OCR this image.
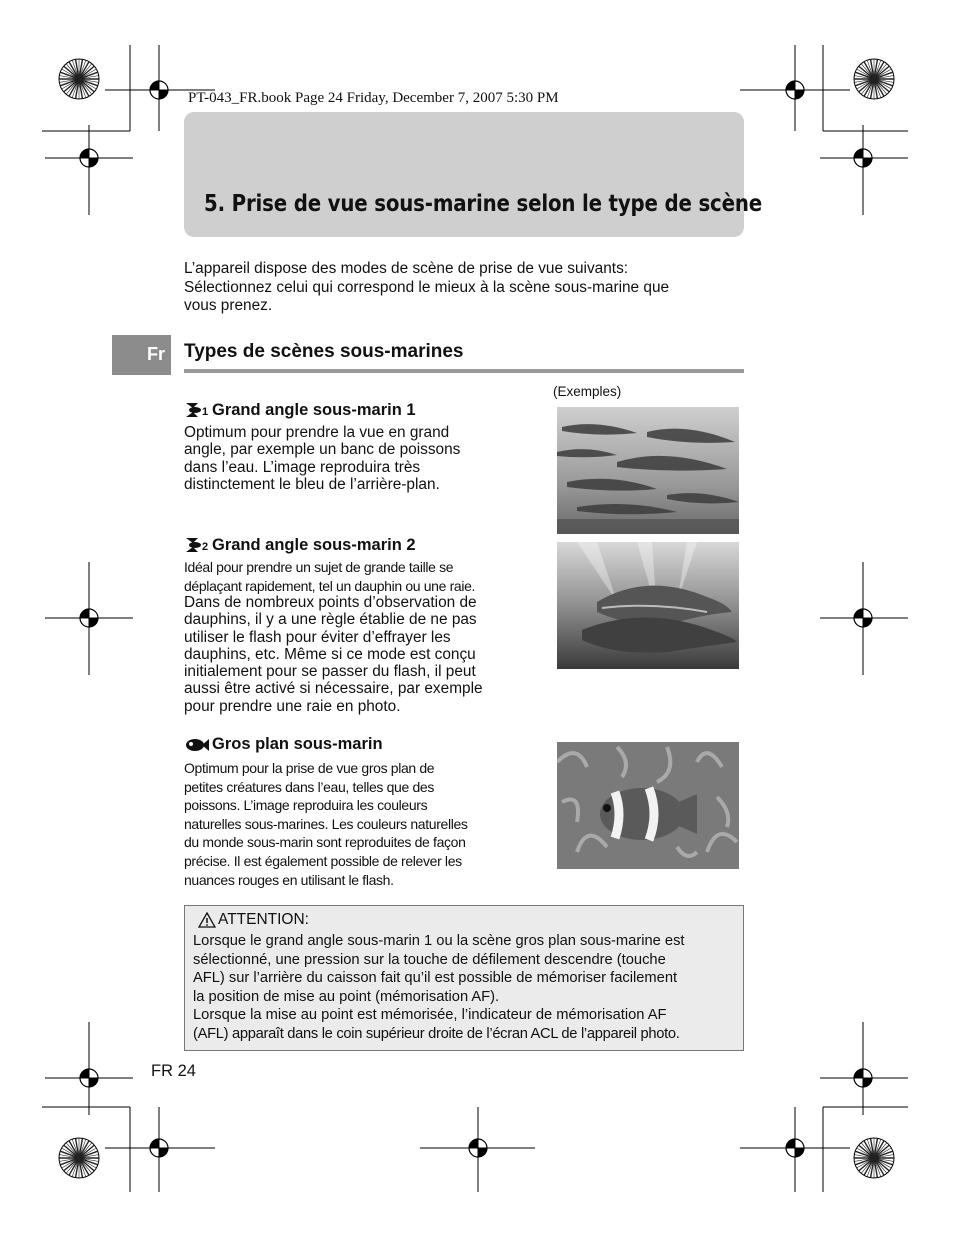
PT-043_FR.book Page 24 Friday, December 7, 2007 5:30 PM
5. Prise de vue sous-marine selon le type de scène
L’appareil dispose des modes de scène de prise de vue suivants:
Sélectionnez celui qui correspond le mieux à la scène sous-marine que
vous prenez.
Fr Types de scènes sous-marines
(Exemples)
1 Grand angle sous-marin 1
Optimum pour prendre la vue en grand
angle, par exemple un banc de poissons
dans l’eau. L’image reproduira très
distinctement le bleu de l’arrière-plan.
2 Grand angle sous-marin 2
Idéal pour prendre un sujet de grande taille se
déplaçant rapidement, tel un dauphin ou une raie.
Dans de nombreux points d’observation de
dauphins, il y a une règle établie de ne pas
utiliser le flash pour éviter d’effrayer les
dauphins, etc. Même si ce mode est conçu
initialement pour se passer du flash, il peut
aussi être activé si nécessaire, par exemple
pour prendre une raie en photo.
Gros plan sous-marin
Optimum pour la prise de vue gros plan de
petites créatures dans l’eau, telles que des
poissons. L’image reproduira les couleurs
naturelles sous-marines. Les couleurs naturelles
du monde sous-marin sont reproduites de façon
précise. Il est également possible de relever les
nuances rouges en utilisant le flash.
ATTENTION:
Lorsque le grand angle sous-marin 1 ou la scène gros plan sous-marine est
sélectionné, une pression sur la touche de défilement descendre (touche
AFL) sur l’arrière du caisson fait qu’il est possible de mémoriser facilement
la position de mise au point (mémorisation AF).
Lorsque la mise au point est mémorisée, l’indicateur de mémorisation AF
(AFL) apparaît dans le coin supérieur droite de l’écran ACL de l’appareil photo.
FR 24
